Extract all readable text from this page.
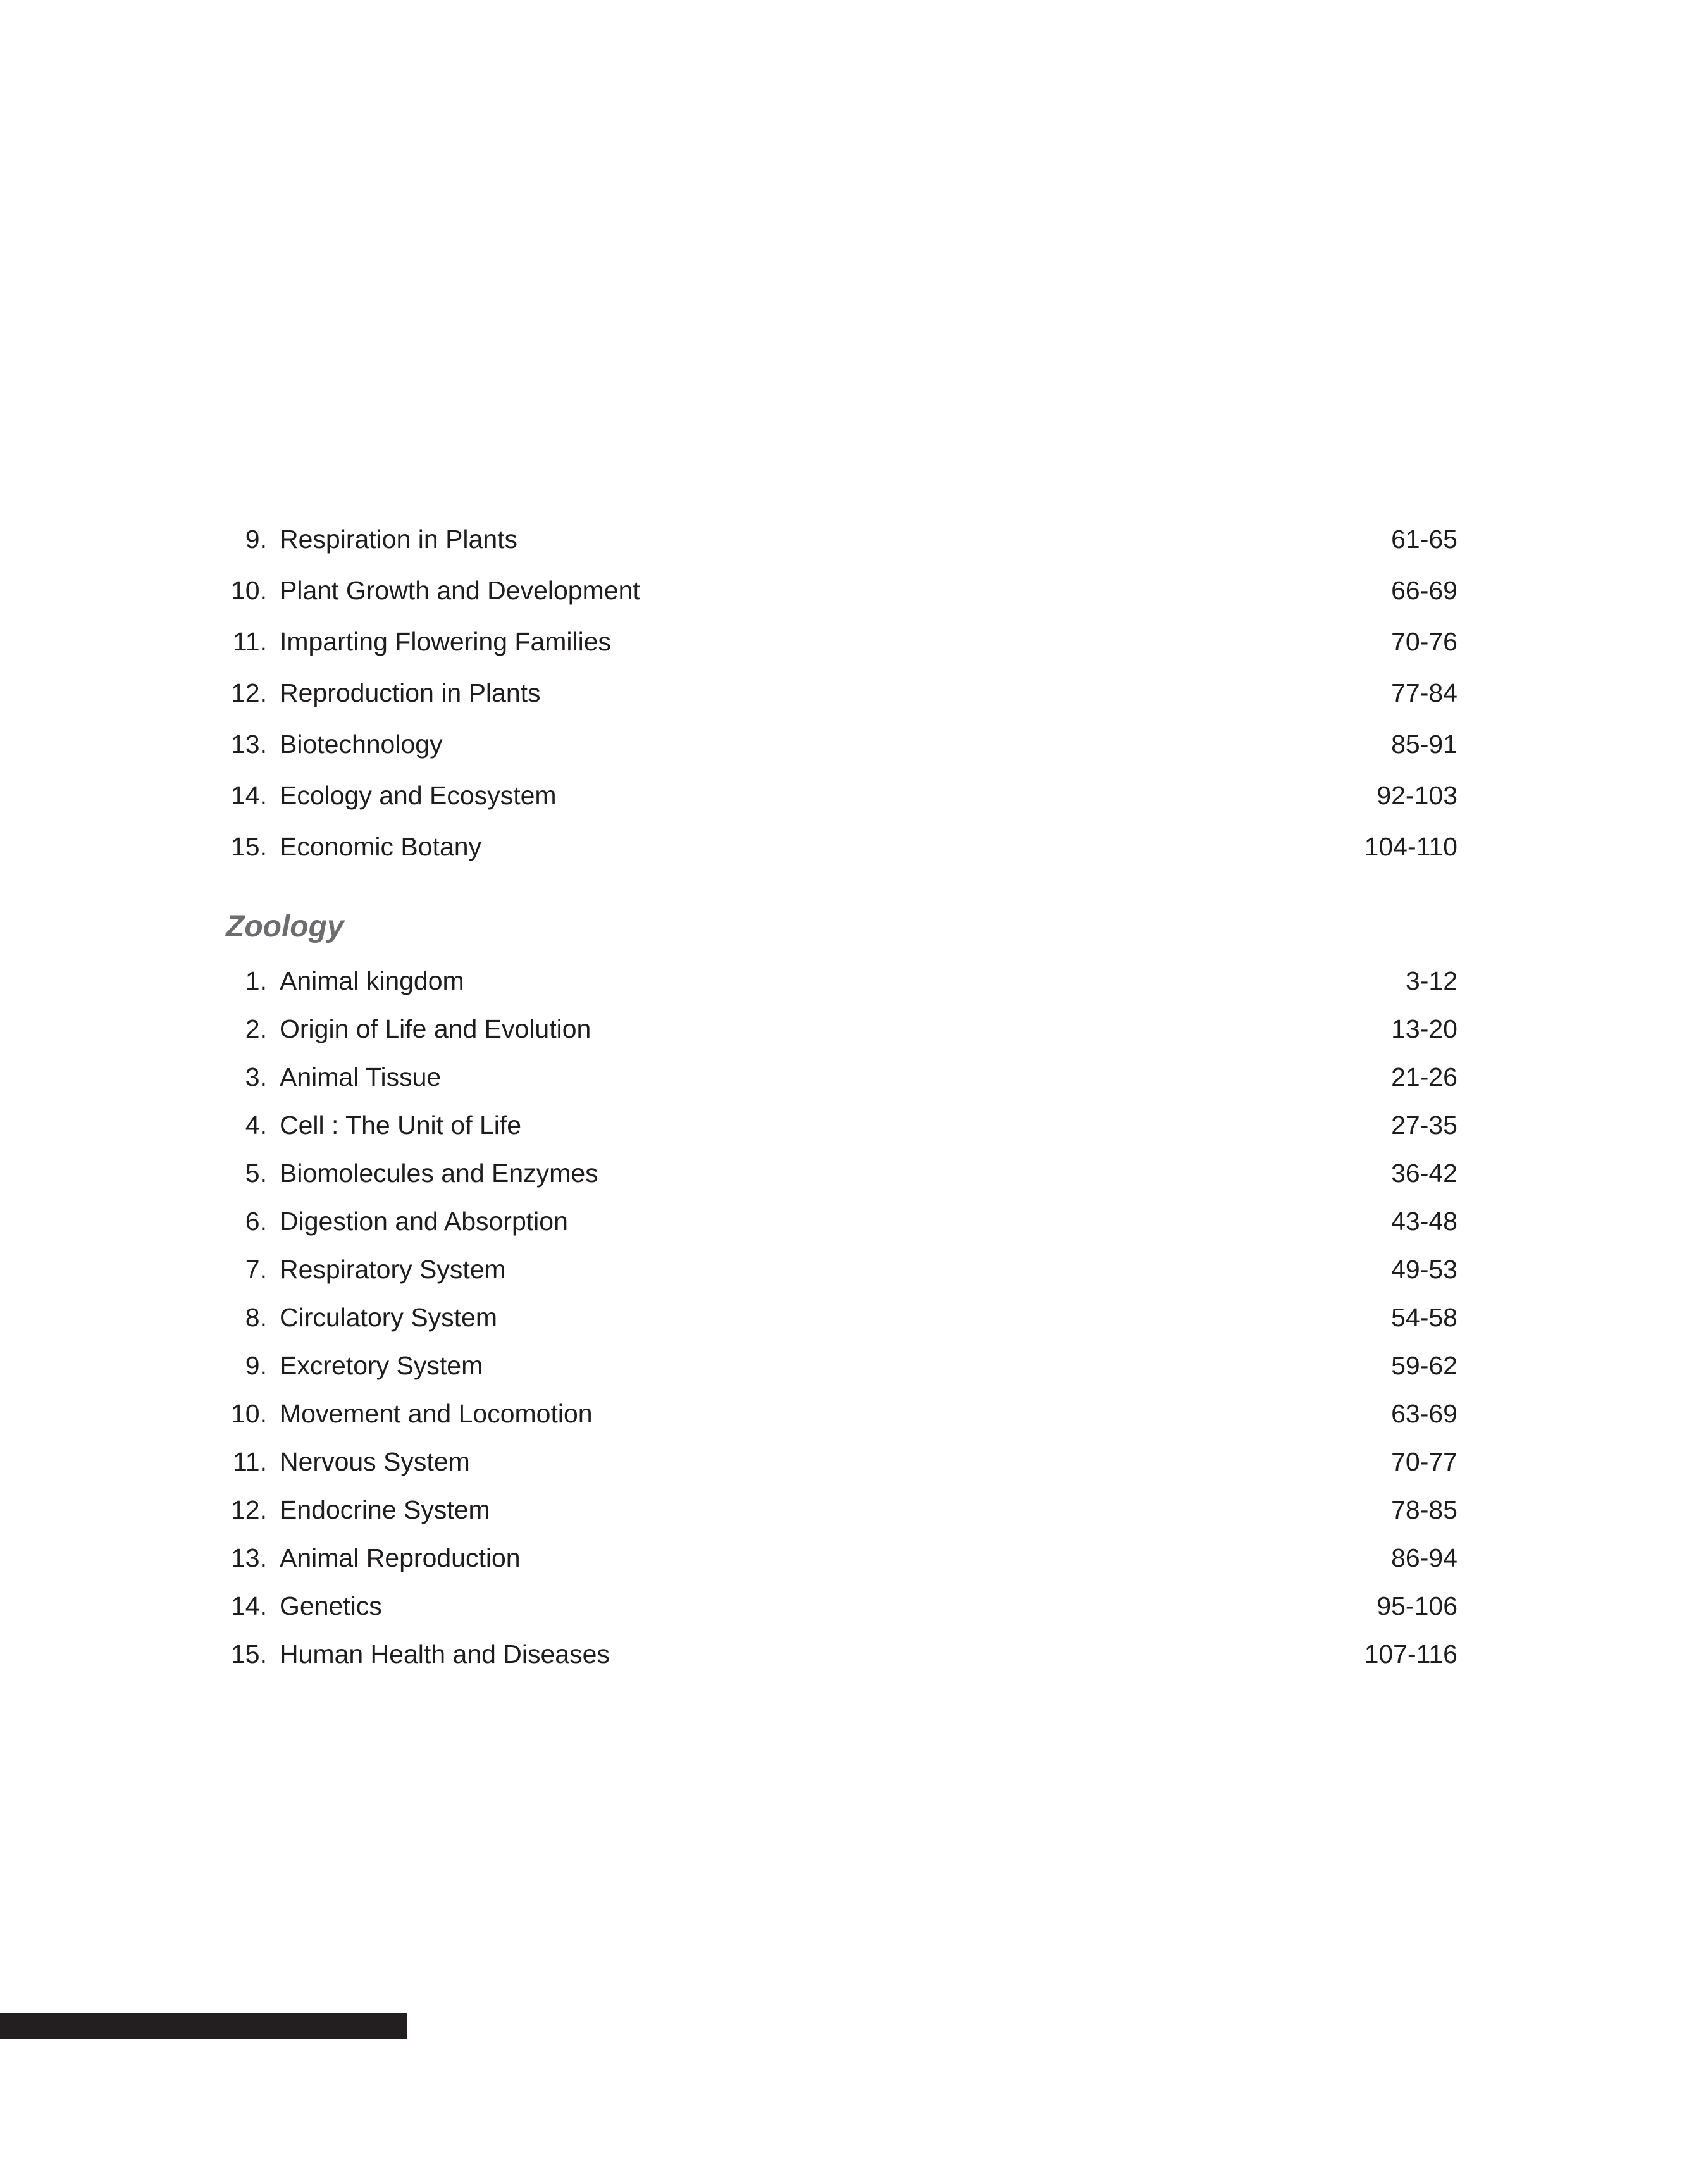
9. Respiration in Plants	61-65
10. Plant Growth and Development	66-69
11. Imparting Flowering Families	70-76
12. Reproduction in Plants	77-84
13. Biotechnology	85-91
14. Ecology and Ecosystem	92-103
15. Economic Botany	104-110
Zoology
1. Animal kingdom	3-12
2. Origin of Life and Evolution	13-20
3. Animal Tissue	21-26
4. Cell : The Unit of Life	27-35
5. Biomolecules and Enzymes	36-42
6. Digestion and Absorption	43-48
7. Respiratory System	49-53
8. Circulatory System	54-58
9. Excretory System	59-62
10. Movement and Locomotion	63-69
11. Nervous System	70-77
12. Endocrine System	78-85
13. Animal Reproduction	86-94
14. Genetics	95-106
15. Human Health and Diseases	107-116
